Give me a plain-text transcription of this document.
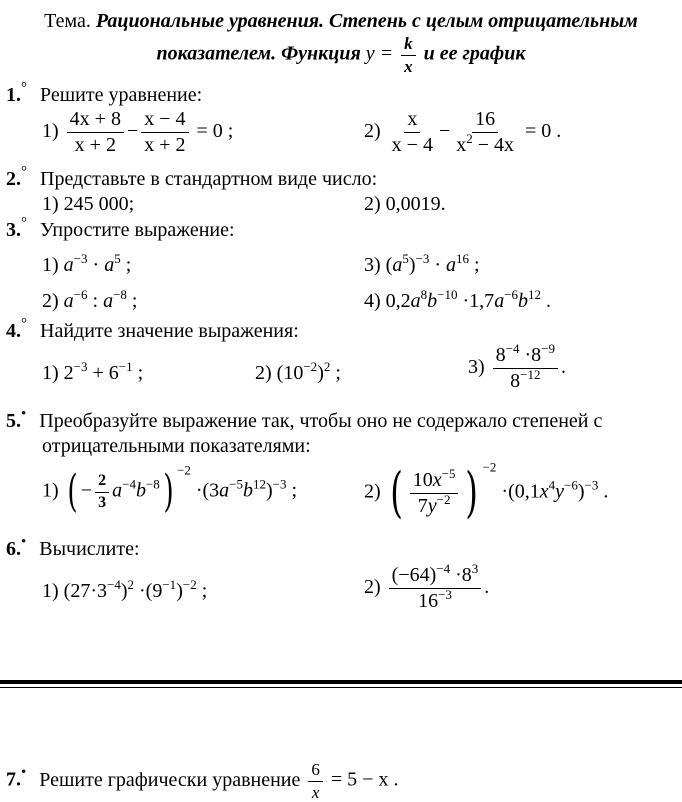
Тема. Рациональные уравнения. Степень с целым отрицательным
показателем. Функция $y = \frac{k}{x}$ и ее график
1.° Решите уравнение:
$1) \frac{4x + 8}{x + 2} - \frac{x - 4}{x + 2} = 0$ ;	$2) \frac{x}{x - 4} - \frac{16}{x^2 - 4x} = 0$ .
2.° Представьте в стандартном виде число:
1) 245 000;	2) 0,0019.
3.° Упростите выражение:
1) $a^{-3} \cdot a^5$ ;	3) $(a^5)^{-3} \cdot a^{16}$ ;
2) $a^{-6}$ : $a^{-8}$ ;	4) $0,2a^8b^{-10} \cdot 1,7a^{-6}b^{12}$ .
4.° Найдите значение выражения:
1) $2^{-3} + 6^{-1}$ ;	2) $(10^{-2})^2$ ;	$3) \frac{8^{-4} \cdot 8^{-9}}{8^{-12}}$ .
5.• Преобразуйте выражение так, чтобы оно не содержало степеней с
отрицательными показателями:
1) ( − $\frac{2}{3} a^{-4}b^{-8}$) $^{-2} \cdot(3a^{-5}b^{12})^{-3}$ ;	2) ( $\frac{10x^{-5}}{7y^{-2}}$ ) $^{-2} \cdot(0,1x^4y^{-6})^{-3}$ .
6.• Вычислите:
1) $(27\cdot 3^{-4})^2 \cdot(9^{-1})^{-2}$ ;	$2) \frac{(-64)^{-4} \cdot 8^3}{16^{-3}}$ .
7.• Решите графически уравнение $\frac{6}{x} = 5 - x$ .
